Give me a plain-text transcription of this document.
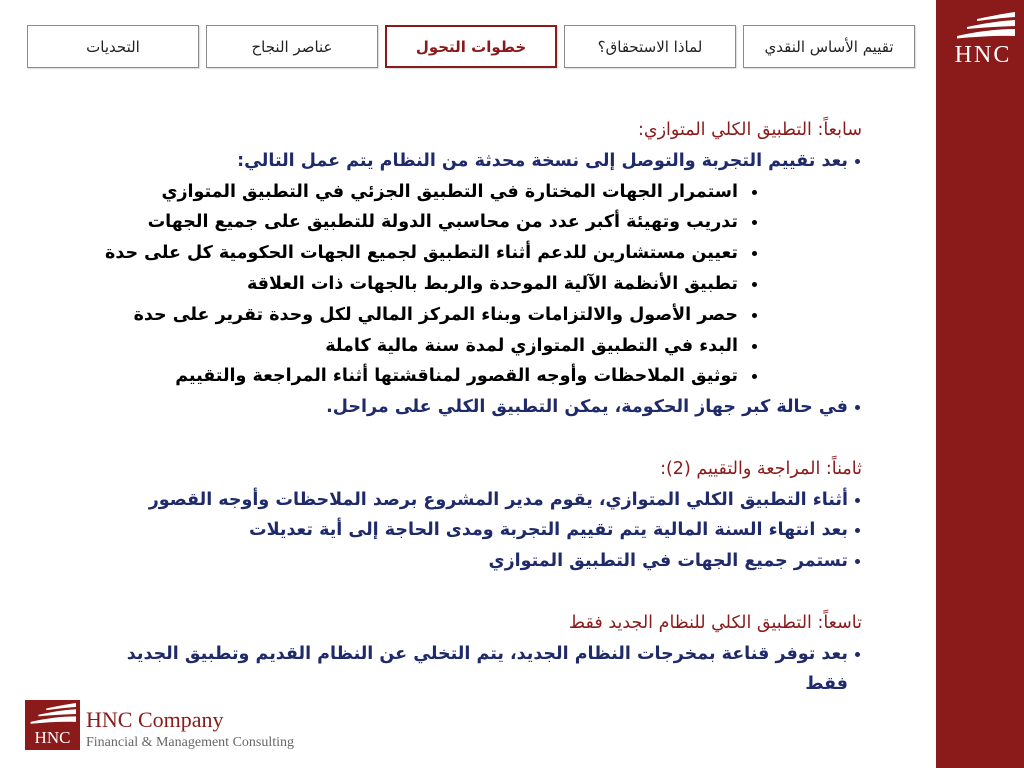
HNC
تقييم الأساس النقدي
لماذا الاستحقاق؟
خطوات التحول
عناصر النجاح
التحديات
سابعاً: التطبيق الكلي المتوازي:
بعد تقييم التجربة والتوصل إلى نسخة محدثة من النظام يتم عمل التالي:
استمرار الجهات المختارة في التطبيق الجزئي في التطبيق المتوازي
تدريب وتهيئة أكبر عدد من محاسبي الدولة للتطبيق على جميع الجهات
تعيين مستشارين للدعم أثناء التطبيق لجميع الجهات الحكومية كل على حدة
تطبيق الأنظمة الآلية الموحدة والربط بالجهات ذات العلاقة
حصر الأصول والالتزامات وبناء المركز المالي لكل وحدة تقرير على حدة
البدء في التطبيق المتوازي لمدة سنة مالية كاملة
توثيق الملاحظات وأوجه القصور لمناقشتها أثناء المراجعة والتقييم
في حالة كبر جهاز الحكومة، يمكن التطبيق الكلي على مراحل.
ثامناً: المراجعة والتقييم (2):
أثناء التطبيق الكلي المتوازي، يقوم مدير المشروع برصد الملاحظات وأوجه القصور
بعد انتهاء السنة المالية يتم تقييم التجربة ومدى الحاجة إلى أية تعديلات
تستمر جميع الجهات في التطبيق المتوازي
تاسعاً: التطبيق الكلي للنظام الجديد فقط
بعد توفر قناعة بمخرجات النظام الجديد، يتم التخلي عن النظام القديم وتطبيق الجديد فقط
HNC
HNC Company
Financial & Management Consulting
